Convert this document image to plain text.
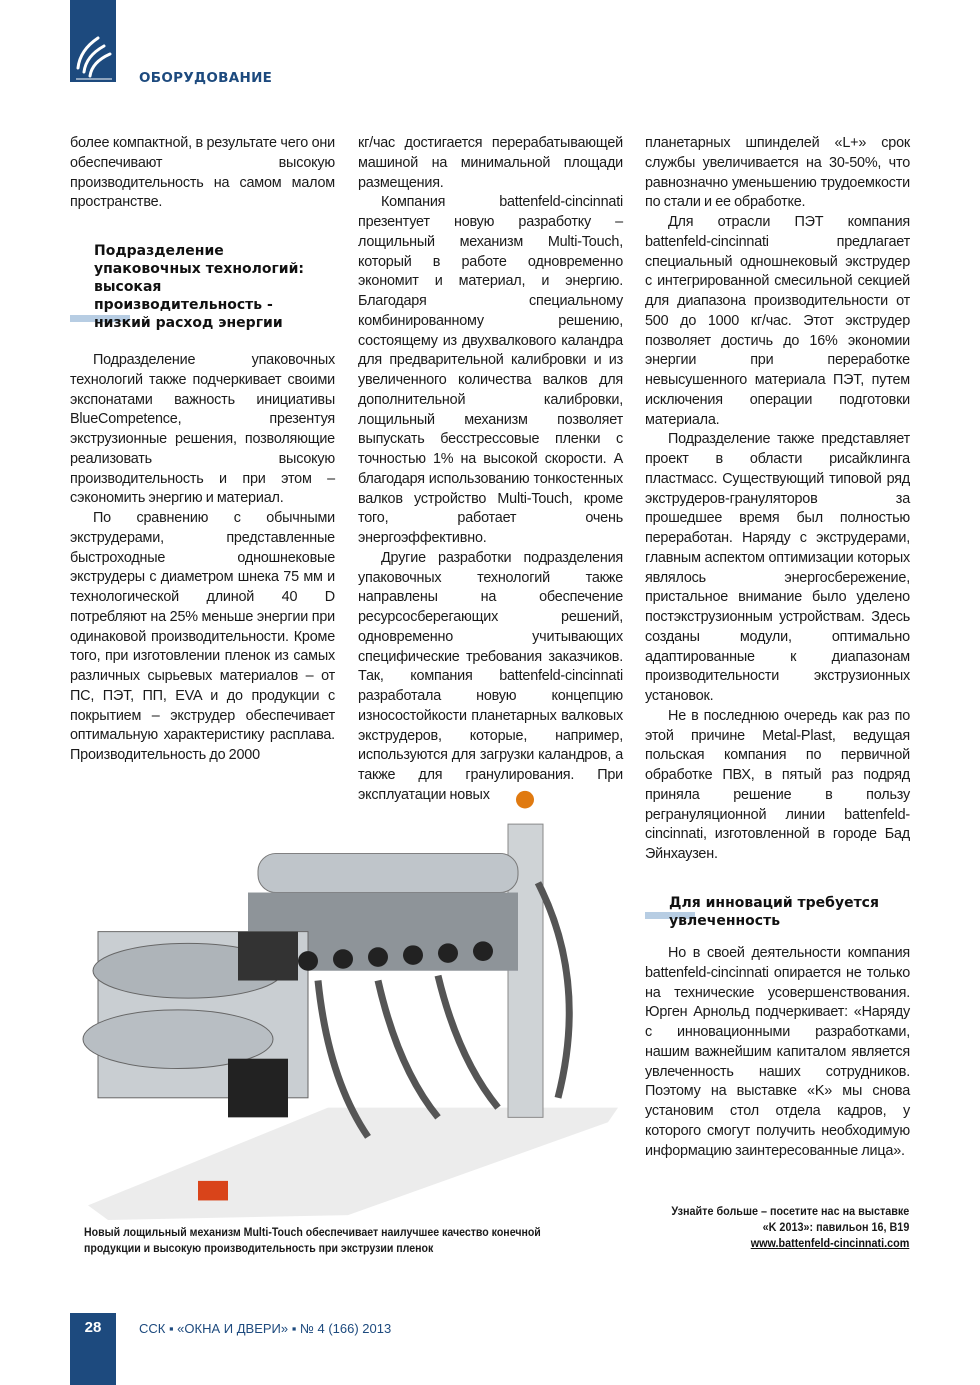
ОБОРУДОВАНИЕ

более компактной, в результате чего они обеспечивают высокую производительность на самом малом пространстве.

Подразделение упаковочных технологий: высокая производительность - низкий расход энергии

Подразделение упаковочных технологий также подчеркивает своими экспонатами важность инициативы BlueCompetence, презентуя экструзионные решения, позволяющие реализовать высокую производительность и при этом – сэкономить энергию и материал.

По сравнению с обычными экструдерами, представленные быстроходные одношнековые экструдеры с диаметром шнека 75 мм и технологической длиной 40 D потребляют на 25% меньше энергии при одинаковой производительности. Кроме того, при изготовлении пленок из самых различных сырьевых материалов – от ПС, ПЭТ, ПП, EVA и до продукции с покрытием – экструдер обеспечивает оптимальную характеристику расплава. Производительность до 2000

кг/час достигается перерабатывающей машиной на минимальной площади размещения.

Компания battenfeld-cincinnati презентует новую разработку – лощильный механизм Multi-Touch, который в работе одновременно экономит и материал, и энергию. Благодаря специальному комбинированному решению, состоящему из двухвалкового каландра для предварительной калибровки и из увеличенного количества валков для дополнительной калибровки, лощильный механизм позволяет выпускать бесстрессовые пленки с точностью 1% на высокой скорости. А благодаря использованию тонкостенных валков устройство Multi-Touch, кроме того, работает очень энергоэффективно.

Другие разработки подразделения упаковочных технологий также направлены на обеспечение ресурсосберегающих решений, одновременно учитывающих специфические требования заказчиков. Так, компания battenfeld-cincinnati разработала новую концепцию износостойкости планетарных валковых экструдеров, которые, например, используются для загрузки каландров, а также для гранулирования. При эксплуатации новых

планетарных шпинделей «L+» срок службы увеличивается на 30-50%, что равнозначно уменьшению трудоемкости по стали и ее обработке.

Для отрасли ПЭТ компания battenfeld-cincinnati предлагает специальный одношнековый экструдер с интегрированной смесильной секцией для диапазона производительности от 500 до 1000 кг/час. Этот экструдер позволяет достичь до 16% экономии энергии при переработке невысушенного материала ПЭТ, путем исключения операции подготовки материала.

Подразделение также представляет проект в области рисайклинга пластмасс. Существующий типовой ряд экструдеров-грануляторов за прошедшее время был полностью переработан. Наряду с экструдерами, главным аспектом оптимизации которых являлось энергосбережение, пристальное внимание было уделено постэкструзионным устройствам. Здесь созданы модули, оптимально адаптированные к диапазонам производительности экструзионных установок.

Не в последнюю очередь как раз по этой причине Metal-Plast, ведущая польская компания по первичной обработке ПВХ, в пятый раз подряд приняла решение в пользу регрануляционной линии battenfeld-cincinnati, изготовленной в городе Бад Эйнхаузен.

Для инноваций требуется увлеченность

Но в своей деятельности компания battenfeld-cincinnati опирается не только на технические усовершенствования. Юрген Арнольд подчеркивает: «Наряду с инновационными разработками, нашим важнейшим капиталом является увлеченность наших сотрудников. Поэтому на выставке «K» мы снова установим стол отдела кадров, у которого смогут получить необходимую информацию заинтересованные лица».

Новый лощильный механизм Multi-Touch обеспечивает наилучшее качество конечной продукции и высокую производительность при экструзии пленок
Узнайте больше – посетите нас на выставке
«K 2013»: павильон 16, B19
www.battenfeld-cincinnati.com
28	ССК ▪ «ОКНА И ДВЕРИ» ▪ № 4 (166) 2013
